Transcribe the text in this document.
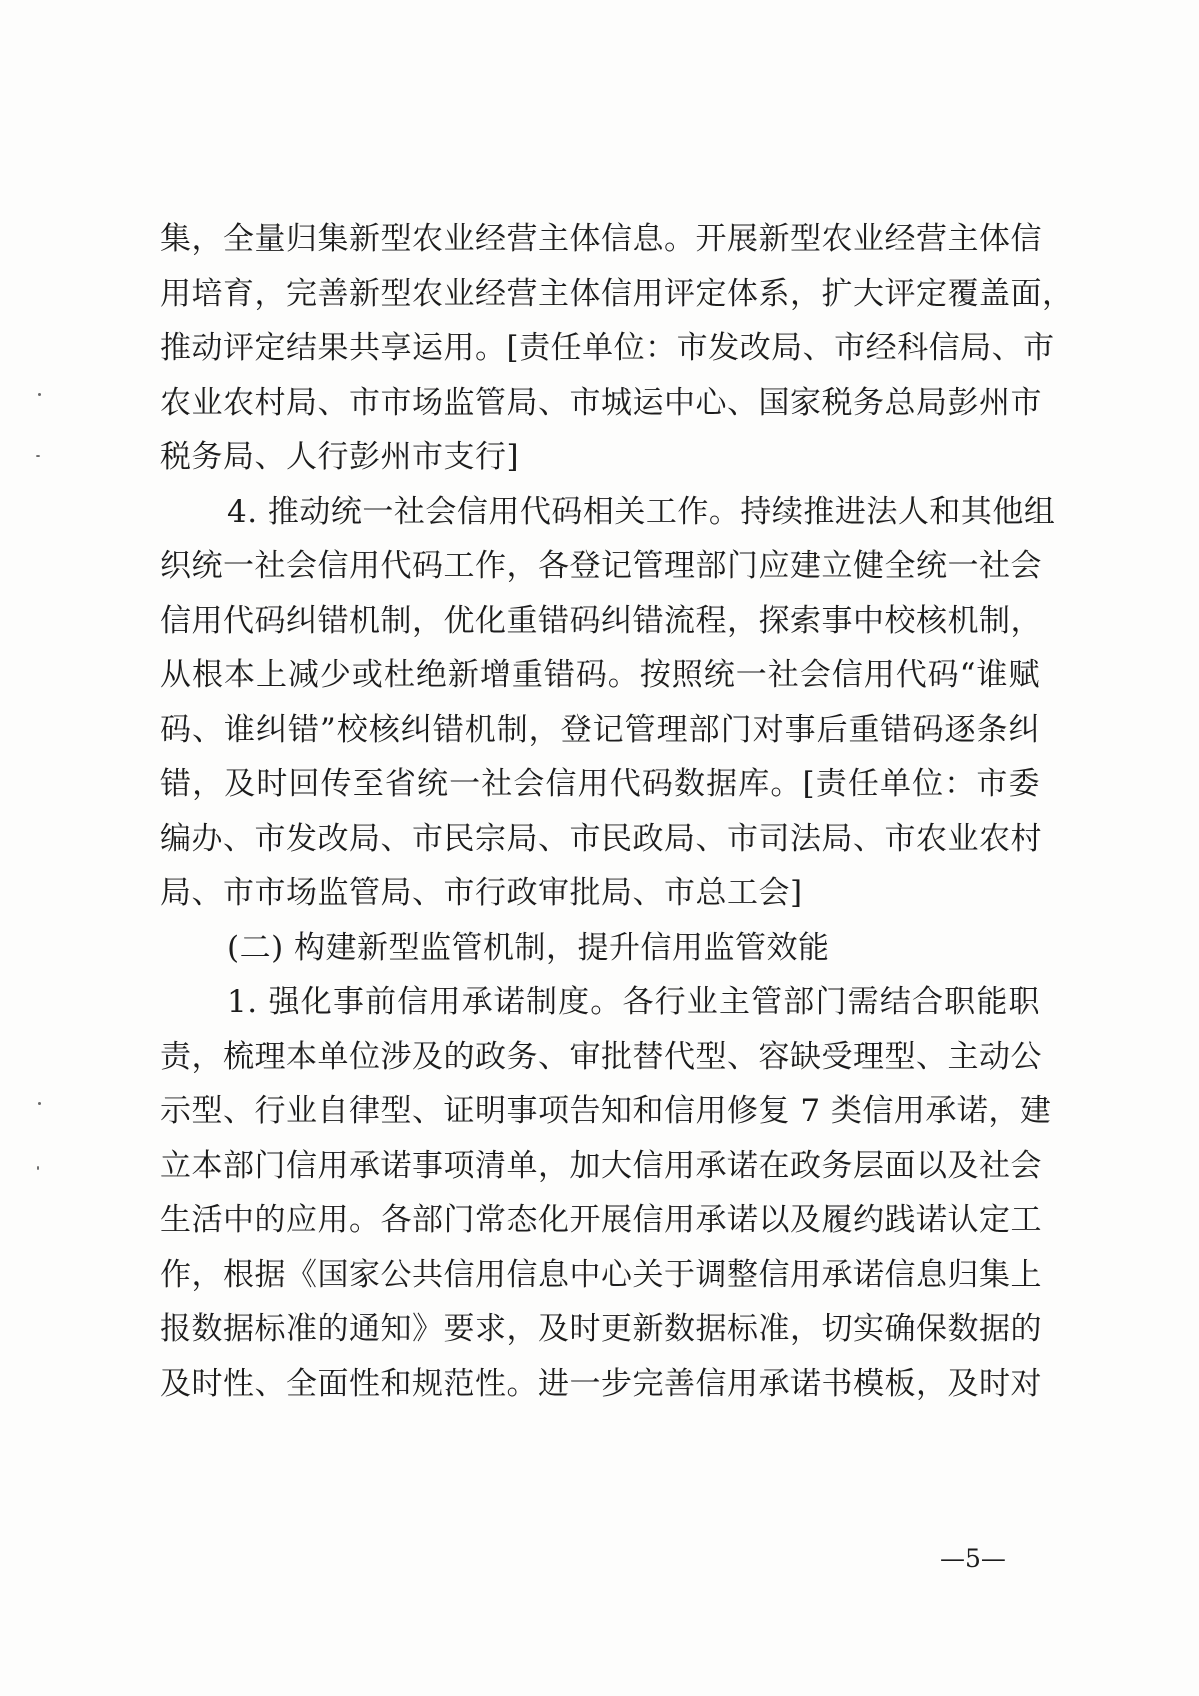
集，全量归集新型农业经营主体信息。开展新型农业经营主体信
用培育，完善新型农业经营主体信用评定体系，扩大评定覆盖面，
推动评定结果共享运用。[责任单位：市发改局、市经科信局、市
农业农村局、市市场监管局、市城运中心、国家税务总局彭州市
税务局、人行彭州市支行]
4. 推动统一社会信用代码相关工作。持续推进法人和其他组
织统一社会信用代码工作，各登记管理部门应建立健全统一社会
信用代码纠错机制，优化重错码纠错流程，探索事中校核机制，
从根本上减少或杜绝新增重错码。按照统一社会信用代码“谁赋
码、谁纠错”校核纠错机制，登记管理部门对事后重错码逐条纠
错，及时回传至省统一社会信用代码数据库。[责任单位：市委
编办、市发改局、市民宗局、市民政局、市司法局、市农业农村
局、市市场监管局、市行政审批局、市总工会]
(二) 构建新型监管机制，提升信用监管效能
1. 强化事前信用承诺制度。各行业主管部门需结合职能职
责，梳理本单位涉及的政务、审批替代型、容缺受理型、主动公
示型、行业自律型、证明事项告知和信用修复 7 类信用承诺，建
立本部门信用承诺事项清单，加大信用承诺在政务层面以及社会
生活中的应用。各部门常态化开展信用承诺以及履约践诺认定工
作，根据《国家公共信用信息中心关于调整信用承诺信息归集上
报数据标准的通知》要求，及时更新数据标准，切实确保数据的
及时性、全面性和规范性。进一步完善信用承诺书模板，及时对
—5—
